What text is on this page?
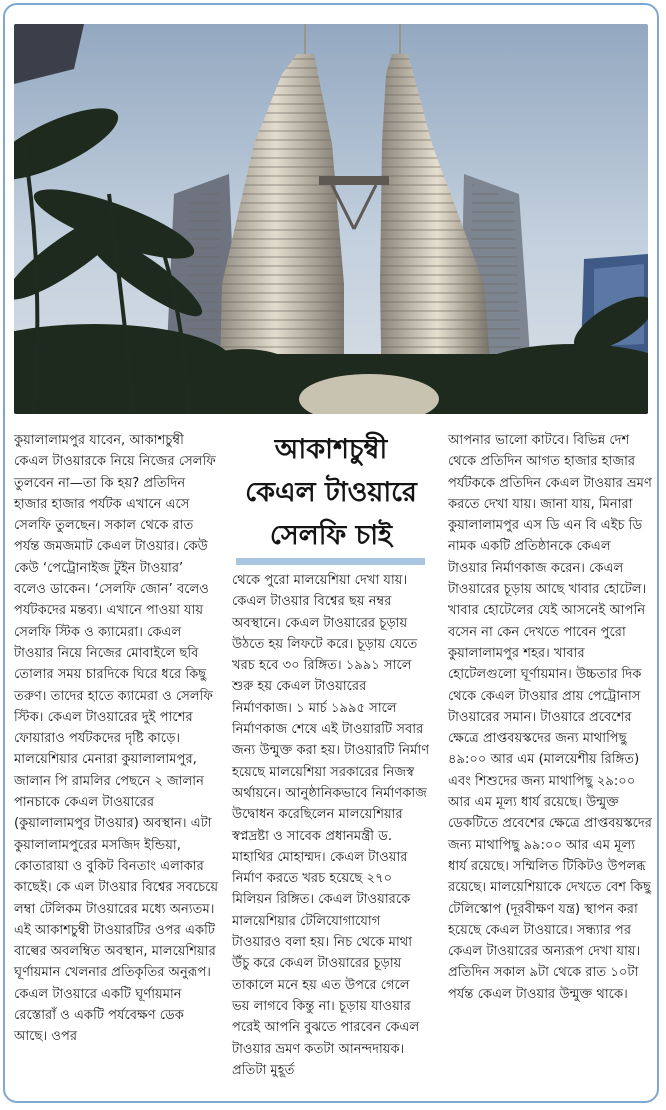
আকাশচুম্বী
কেএল টাওয়ারে
সেলফি চাই

কুয়ালালামপুর যাবেন, আকাশচুম্বী কেএল টাওয়ারকে নিয়ে নিজের সেলফি তুলবেন না—তা কি হয়? প্রতিদিন হাজার হাজার পর্যটক এখানে এসে সেলফি তুলছেন। সকাল থেকে রাত পর্যন্ত জমজমাট কেএল টাওয়ার। কেউ কেউ ‘পেট্রোনাইজ টুইন টাওয়ার’ বলেও ডাকেন। ‘সেলফি জোন’ বলেও পর্যটকদের মন্তব্য। এখানে পাওয়া যায় সেলফি স্টিক ও ক্যামেরা। কেএল টাওয়ার নিয়ে নিজের মোবাইলে ছবি তোলার সময় চারদিকে ঘিরে ধরে কিছু তরুণ। তাদের হাতে ক্যামেরা ও সেলফি স্টিক। কেএল টাওয়ারের দুই পাশের ফোয়ারাও পর্যটকদের দৃষ্টি কাড়ে। মালয়েশিয়ার মেনারা কুয়ালালামপুর, জালান পি রামলির পেছনে ২ জালান পানচাকে কেএল টাওয়ারের (কুয়ালালামপুর টাওয়ার) অবস্থান। এটা কুয়ালালামপুরের মসজিদ ইন্ডিয়া, কোতারায়া ও বুকিট বিনতাং এলাকার কাছেই। কে এল টাওয়ার বিশ্বের সবচেয়ে লম্বা টেলিকম টাওয়ারের মধ্যে অন্যতম। এই আকাশচুম্বী টাওয়ারটির ওপর একটি বাল্বের অবলম্বিত অবস্থান, মালয়েশিয়ার ঘূর্ণায়মান খেলনার প্রতিকৃতির অনুরূপ। কেএল টাওয়ারে একটি ঘূর্ণায়মান রেস্তোরাঁ ও একটি পর্যবেক্ষণ ডেক আছে। ওপর

থেকে পুরো মালয়েশিয়া দেখা যায়। কেএল টাওয়ার বিশ্বের ছয় নম্বর অবস্থানে। কেএল টাওয়ারের চূড়ায় উঠতে হয় লিফটে করে। চূড়ায় যেতে খরচ হবে ৩০ রিঙ্গিত। ১৯৯১ সালে শুরু হয় কেএল টাওয়ারের নির্মাণকাজ। ১ মার্চ ১৯৯৫ সালে নির্মাণকাজ শেষে এই টাওয়ারটি সবার জন্য উন্মুক্ত করা হয়। টাওয়ারটি নির্মাণ হয়েছে মালয়েশিয়া সরকারের নিজস্ব অর্থায়নে। আনুষ্ঠানিকভাবে নির্মাণকাজ উদ্বোধন করেছিলেন মালয়েশিয়ার স্বপ্নদ্রষ্টা ও সাবেক প্রধানমন্ত্রী ড. মাহাথির মোহাম্মদ। কেএল টাওয়ার নির্মাণ করতে খরচ হয়েছে ২৭০ মিলিয়ন রিঙ্গিত। কেএল টাওয়ারকে মালয়েশিয়ার টেলিযোগাযোগ টাওয়ারও বলা হয়। নিচ থেকে মাথা উঁচু করে কেএল টাওয়ারের চূড়ায় তাকালে মনে হয় এত উপরে গেলে ভয় লাগবে কিন্তু না। চূড়ায় যাওয়ার পরেই আপনি বুঝতে পারবেন কেএল টাওয়ার ভ্রমণ কতটা আনন্দদায়ক। প্রতিটা মুহূর্ত

আপনার ভালো কাটবে। বিভিন্ন দেশ থেকে প্রতিদিন আগত হাজার হাজার পর্যটককে প্রতিদিন কেএল টাওয়ার ভ্রমণ করতে দেখা যায়। জানা যায়, মিনারা কুয়ালালামপুর এস ডি এন বি এইচ ডি নামক একটি প্রতিষ্ঠানকে কেএল টাওয়ার নির্মাণকাজ করেন। কেএল টাওয়ারের চূড়ায় আছে খাবার হোটেল। খাবার হোটেলের যেই আসনেই আপনি বসেন না কেন দেখতে পাবেন পুরো কুয়ালালামপুর শহর। খাবার হোটেলগুলো ঘূর্ণায়মান। উচ্চতার দিক থেকে কেএল টাওয়ার প্রায় পেট্রোনাস টাওয়ারের সমান। টাওয়ারে প্রবেশের ক্ষেত্রে প্রাপ্তবয়স্কদের জন্য মাথাপিছু ৪৯:০০ আর এম (মালয়েশীয় রিঙ্গিত) এবং শিশুদের জন্য মাথাপিছু ২৯:০০ আর এম মূল্য ধার্য রয়েছে। উন্মুক্ত ডেকটিতে প্রবেশের ক্ষেত্রে প্রাপ্তবয়স্কদের জন্য মাথাপিছু ৯৯:০০ আর এম মূল্য ধার্য রয়েছে। সম্মিলিত টিকিটও উপলব্ধ রয়েছে। মালয়েশিয়াকে দেখতে বেশ কিছু টেলিস্কোপ (দূরবীক্ষণ যন্ত্র) স্থাপন করা হয়েছে কেএল টাওয়ারে। সন্ধ্যার পর কেএল টাওয়ারের অন্যরূপ দেখা যায়। প্রতিদিন সকাল ৯টা থেকে রাত ১০টা পর্যন্ত কেএল টাওয়ার উন্মুক্ত থাকে।
